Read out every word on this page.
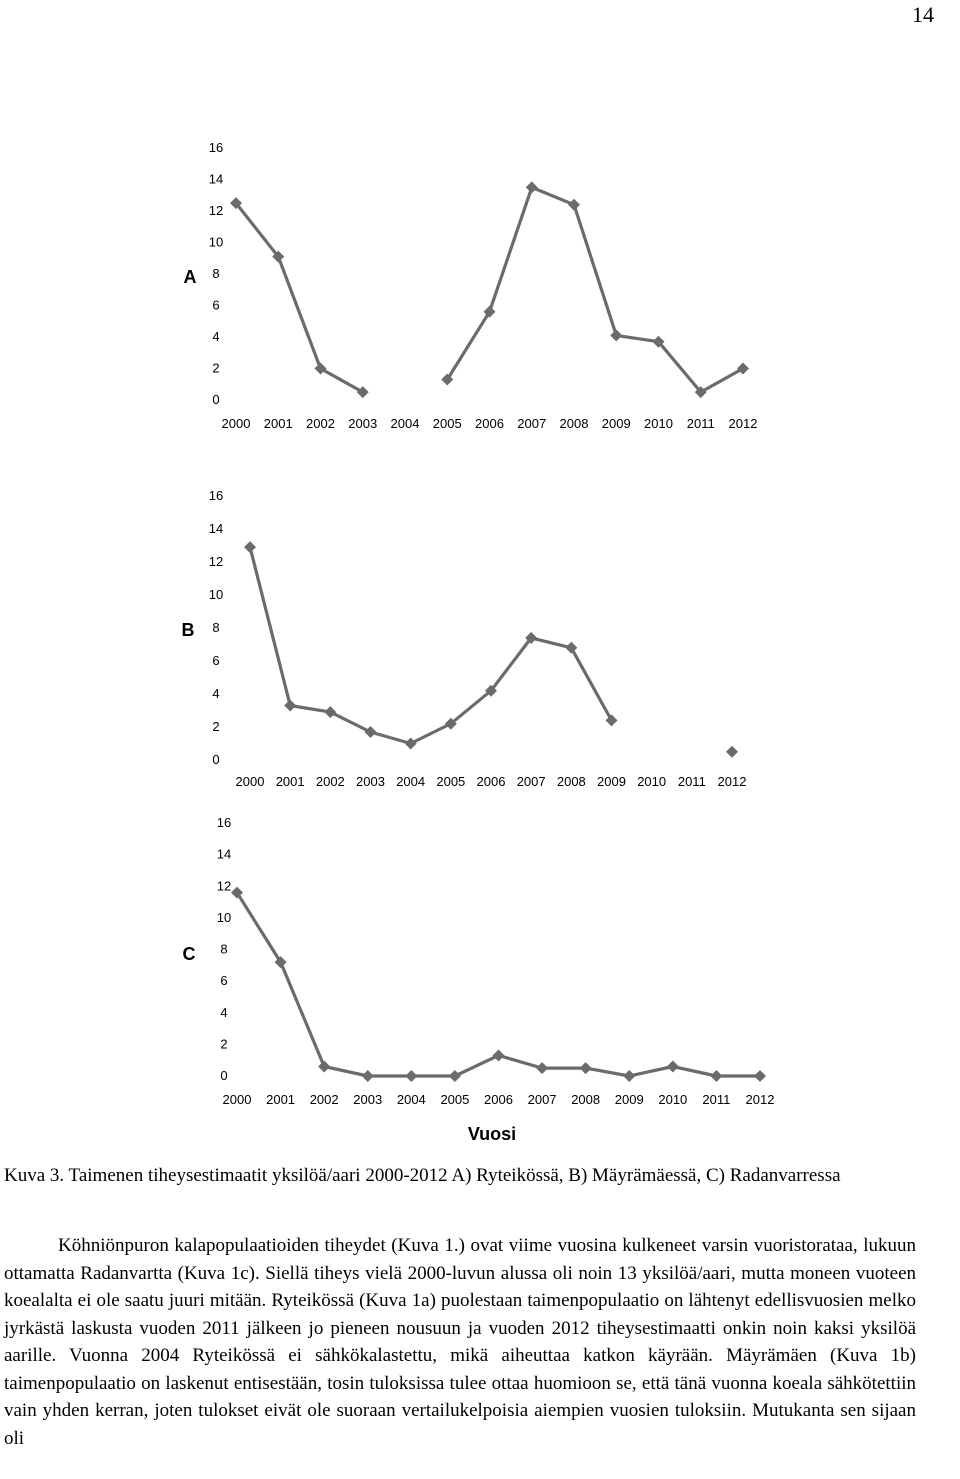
14
A
0
2
4
6
8
10
12
14
16
2000 2001 2002 2003 2004 2005 2006 2007 2008 2009 2010 2011 2012
B
0
2
4
6
8
10
12
14
16
2000 2001 2002 2003 2004 2005 2006 2007 2008 2009 2010 2011 2012
C
0
2
4
6
8
10
12
14
16
2000 2001 2002 2003 2004 2005 2006 2007 2008 2009 2010 2011 2012
Vuosi
Kuva 3. Taimenen tiheysestimaatit yksilöä/aari 2000-2012 A) Ryteikössä, B) Mäyrämäessä, C) Radanvarressa
Köhniönpuron kalapopulaatioiden tiheydet (Kuva 1.) ovat viime vuosina kulkeneet varsin vuoristorataa, lukuun ottamatta Radanvartta (Kuva 1c). Siellä tiheys vielä 2000-luvun alussa oli noin 13 yksilöä/aari, mutta moneen vuoteen koealalta ei ole saatu juuri mitään. Ryteikössä (Kuva 1a) puolestaan taimenpopulaatio on lähtenyt edellisvuosien melko jyrkästä laskusta vuoden 2011 jälkeen jo pieneen nousuun ja vuoden 2012 tiheysestimaatti onkin noin kaksi yksilöä aarille. Vuonna 2004 Ryteikössä ei sähkökalastettu, mikä aiheuttaa katkon käyrään. Mäyrämäen (Kuva 1b) taimenpopulaatio on laskenut entisestään, tosin tuloksissa tulee ottaa huomioon se, että tänä vuonna koeala sähkötettiin vain yhden kerran, joten tulokset eivät ole suoraan vertailukelpoisia aiempien vuosien tuloksiin. Mutukanta sen sijaan oli
